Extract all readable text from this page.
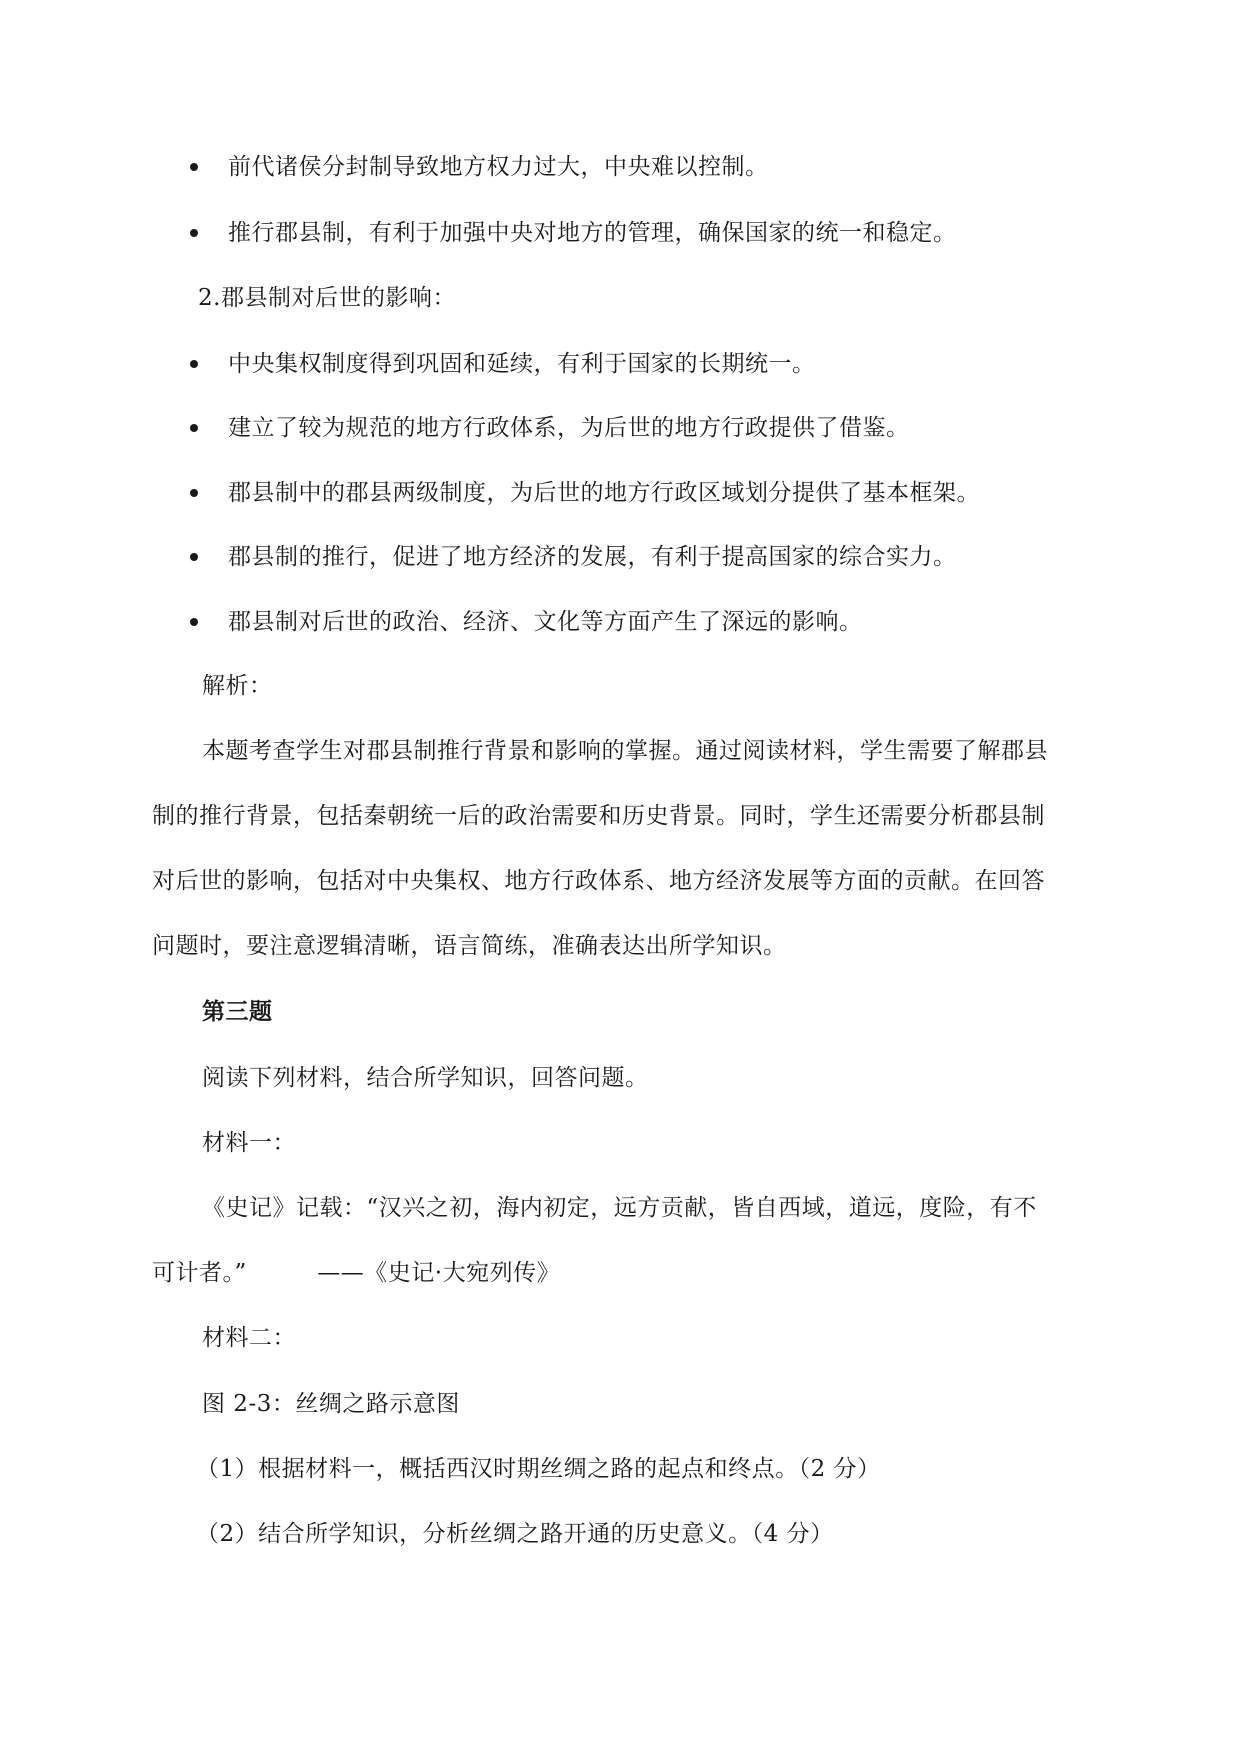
前代诸侯分封制导致地方权力过大，中央难以控制。
推行郡县制，有利于加强中央对地方的管理，确保国家的统一和稳定。
2.郡县制对后世的影响：
中央集权制度得到巩固和延续，有利于国家的长期统一。
建立了较为规范的地方行政体系，为后世的地方行政提供了借鉴。
郡县制中的郡县两级制度，为后世的地方行政区域划分提供了基本框架。
郡县制的推行，促进了地方经济的发展，有利于提高国家的综合实力。
郡县制对后世的政治、经济、文化等方面产生了深远的影响。
解析：
本题考查学生对郡县制推行背景和影响的掌握。通过阅读材料，学生需要了解郡县
制的推行背景，包括秦朝统一后的政治需要和历史背景。同时，学生还需要分析郡县制
对后世的影响，包括对中央集权、地方行政体系、地方经济发展等方面的贡献。在回答
问题时，要注意逻辑清晰，语言简练，准确表达出所学知识。
第三题
阅读下列材料，结合所学知识，回答问题。
材料一：
《史记》记载：“汉兴之初，海内初定，远方贡献，皆自西域，道远，度险，有不
可计者。”　　　——《史记·大宛列传》
材料二：
图 2-3：丝绸之路示意图
（1）根据材料一，概括西汉时期丝绸之路的起点和终点。（2 分）
（2）结合所学知识，分析丝绸之路开通的历史意义。（4 分）
